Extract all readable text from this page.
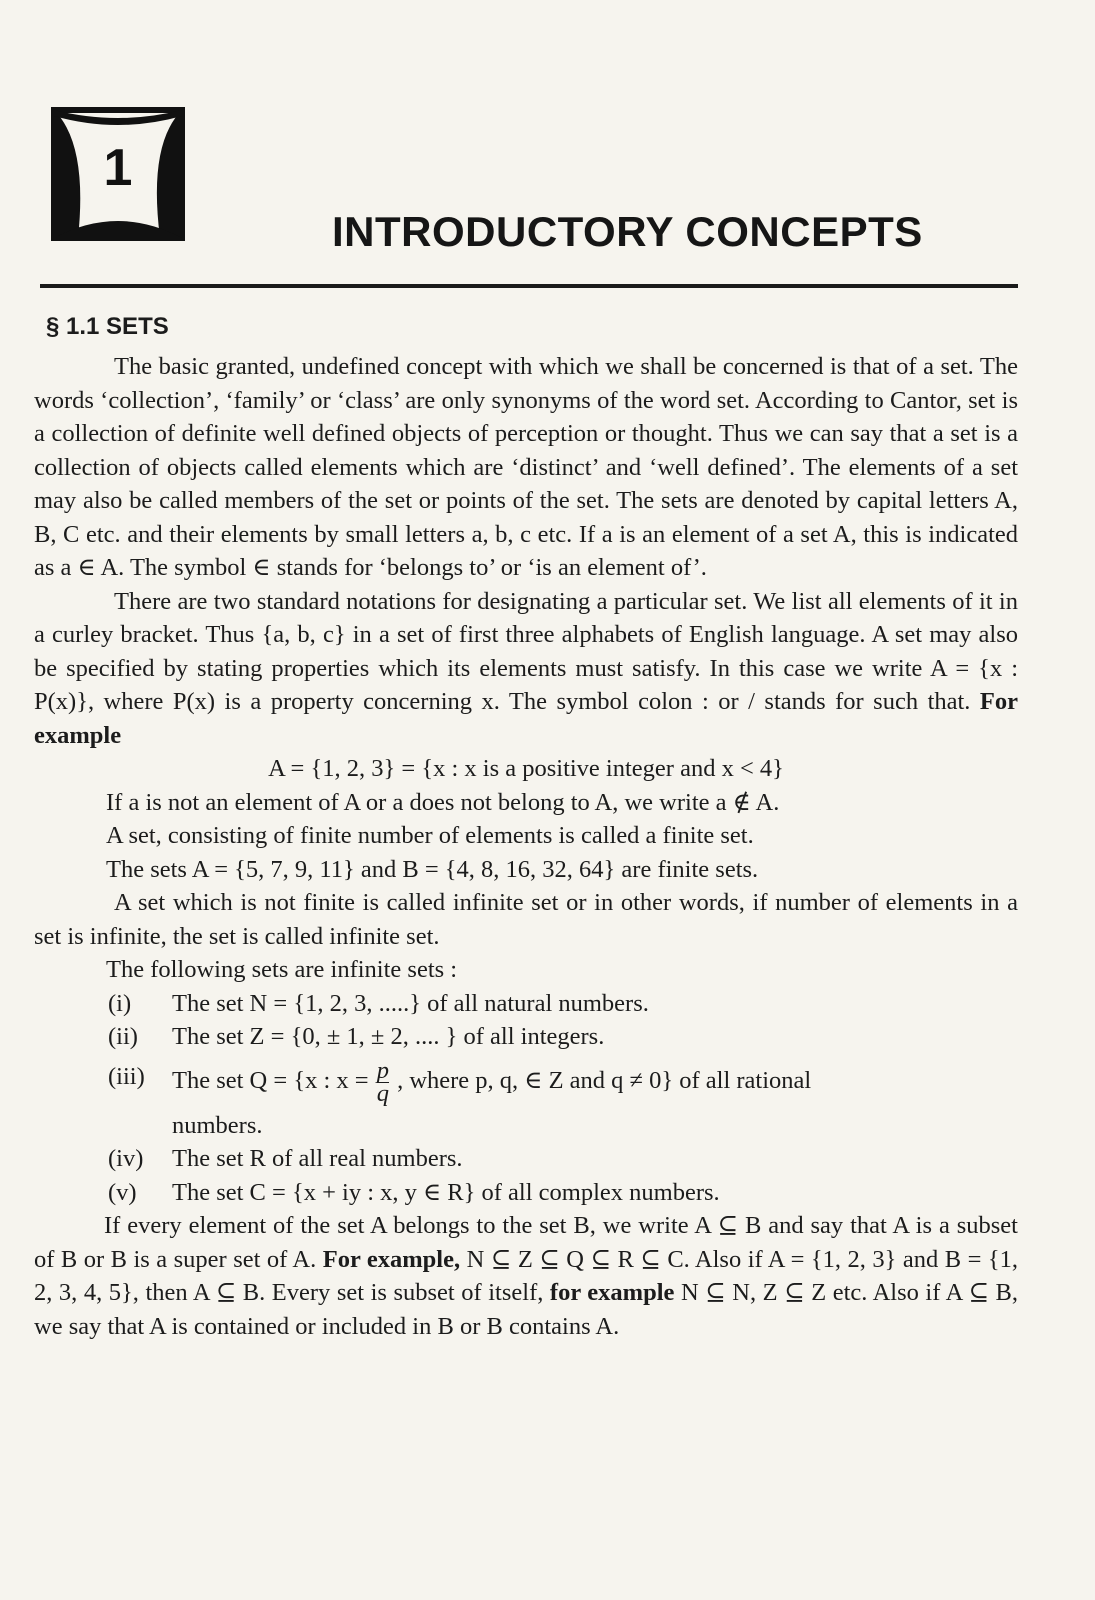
1
INTRODUCTORY CONCEPTS
§ 1.1 SETS

The basic granted, undefined concept with which we shall be concerned is that of a set. The words ‘collection’, ‘family’ or ‘class’ are only synonyms of the word set. According to Cantor, set is a collection of definite well defined objects of perception or thought. Thus we can say that a set is a collection of objects called elements which are ‘distinct’ and ‘well defined’. The elements of a set may also be called members of the set or points of the set. The sets are denoted by capital letters A, B, C etc. and their elements by small letters a, b, c etc. If a is an element of a set A, this is indicated as a ∈ A. The symbol ∈ stands for ‘belongs to’ or ‘is an element of’.

There are two standard notations for designating a particular set. We list all elements of it in a curley bracket. Thus {a, b, c} in a set of first three alphabets of English language. A set may also be specified by stating properties which its elements must satisfy. In this case we write A = {x : P(x)}, where P(x) is a property concerning x. The symbol colon : or / stands for such that. For example

A = {1, 2, 3} = {x : x is a positive integer and x < 4}

If a is not an element of A or a does not belong to A, we write a ∉ A.

A set, consisting of finite number of elements is called a finite set.

The sets A = {5, 7, 9, 11} and B = {4, 8, 16, 32, 64} are finite sets.

A set which is not finite is called infinite set or in other words, if number of elements in a set is infinite, the set is called infinite set.

The following sets are infinite sets :

(i)	The set N = {1, 2, 3, .....} of all natural numbers.
(ii)	The set Z = {0, ± 1, ± 2, .... } of all integers.
(iii)	The set Q = {x : $x = \frac{p}{q}$ , where p, q, ∈ Z and q ≠ 0} of all rational

numbers.

(iv)	The set R of all real numbers.
(v)	The set C = {x + iy : x, y ∈ R} of all complex numbers.

If every element of the set A belongs to the set B, we write A ⊆ B and say that A is a subset of B or B is a super set of A. For example, N ⊆ Z ⊆ Q ⊆ R ⊆ C. Also if A = {1, 2, 3} and B = {1, 2, 3, 4, 5}, then A ⊆ B. Every set is subset of itself, for example N ⊆ N, Z ⊆ Z etc. Also if A ⊆ B, we say that A is contained or included in B or B contains A.
